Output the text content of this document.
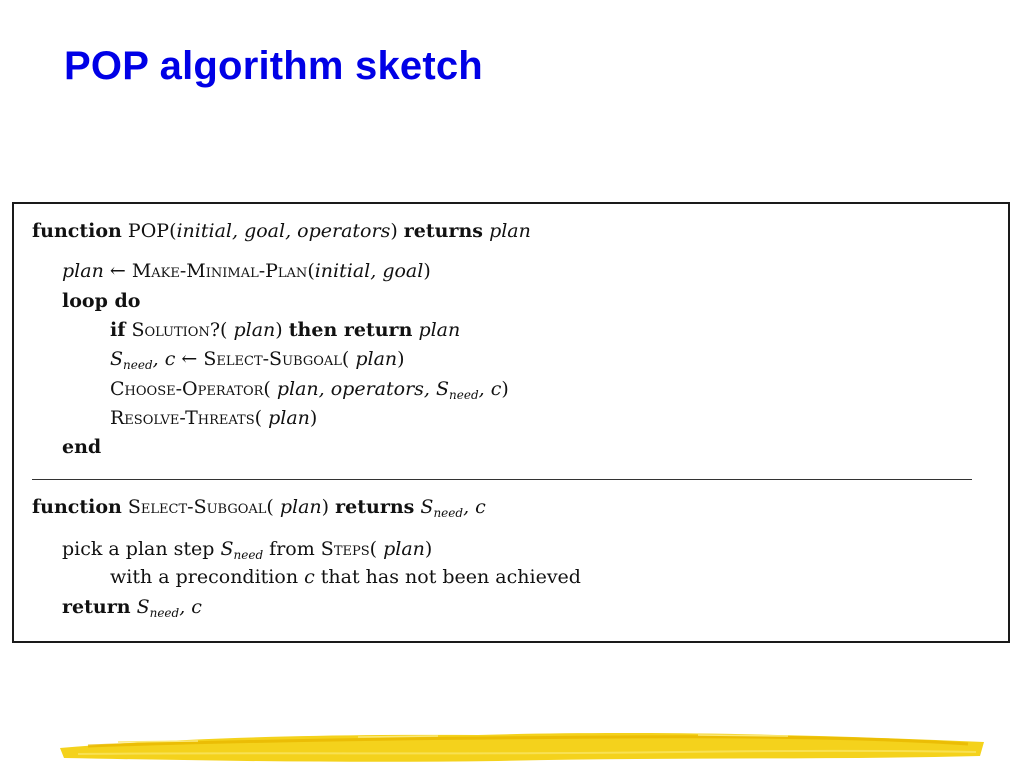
POP algorithm sketch
function POP(initial, goal, operators) returns plan
plan ← Make-Minimal-Plan(initial, goal)
loop do
if Solution?( plan) then return plan
$S_{need}$, c ← Select-Subgoal( plan)
Choose-Operator( plan, operators, $S_{need}$, c)
Resolve-Threats( plan)
end
function Select-Subgoal( plan) returns $S_{need}$, c
pick a plan step $S_{need}$ from Steps( plan)
with a precondition c that has not been achieved
return $S_{need}$, c
